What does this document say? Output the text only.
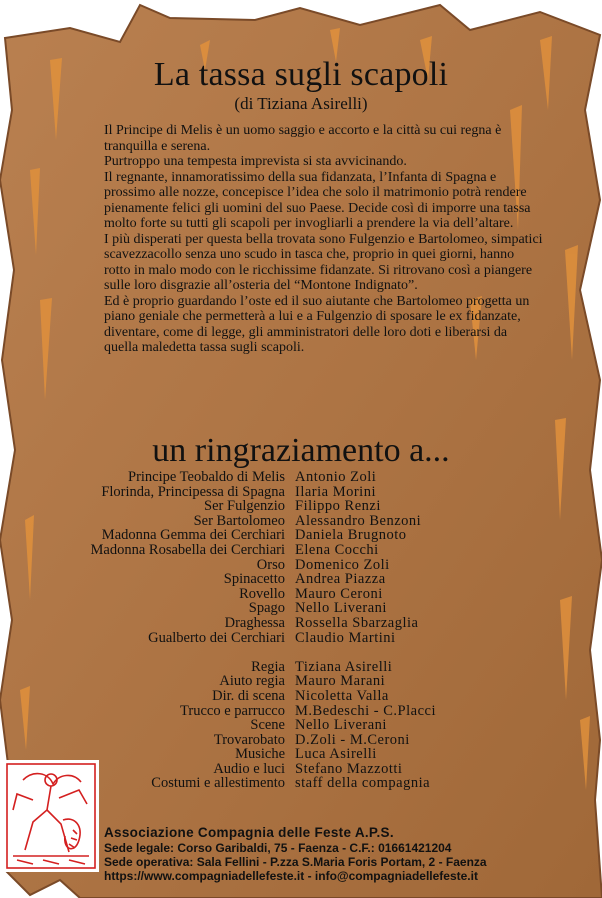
La tassa sugli scapoli
(di Tiziana Asirelli)

Il Principe di Melis è un uomo saggio e accorto e la città su cui regna è tranquilla e serena.

Purtroppo una tempesta imprevista si sta avvicinando.

Il regnante, innamoratissimo della sua fidanzata, l’Infanta di Spagna e prossimo alle nozze, concepisce l’idea che solo il matrimonio potrà rendere pienamente felici gli uomini del suo Paese. Decide così di imporre una tassa molto forte su tutti gli scapoli per invogliarli a prendere la via dell’altare.

I più disperati per questa bella trovata sono Fulgenzio e Bartolomeo, simpatici scavezzacollo senza uno scudo in tasca che, proprio in quei giorni, hanno rotto in malo modo con le ricchissime fidanzate. Si ritrovano così a piangere sulle loro disgrazie all’osteria del “Montone Indignato”.

Ed è proprio guardando l’oste ed il suo aiutante che Bartolomeo progetta un piano geniale che permetterà a lui e a Fulgenzio di sposare le ex fidanzate, diventare, come di legge, gli amministratori delle loro doti e liberarsi da quella maledetta tassa sugli scapoli.

un ringraziamento a...
Principe Teobaldo di Melis Antonio Zoli
Florinda, Principessa di Spagna Ilaria Morini
Ser Fulgenzio Filippo Renzi
Ser Bartolomeo Alessandro Benzoni
Madonna Gemma dei Cerchiari Daniela Brugnoto
Madonna Rosabella dei Cerchiari Elena Cocchi
Orso Domenico Zoli
Spinacetto Andrea Piazza
Rovello Mauro Ceroni
Spago Nello Liverani
Draghessa Rossella Sbarzaglia
Gualberto dei Cerchiari Claudio Martini
Regia Tiziana Asirelli
Aiuto regia Mauro Marani
Dir. di scena Nicoletta Valla
Trucco e parrucco M.Bedeschi - C.Placci
Scene Nello Liverani
Trovarobato D.Zoli - M.Ceroni
Musiche Luca Asirelli
Audio e luci Stefano Mazzotti
Costumi e allestimento staff della compagnia
Associazione Compagnia delle Feste A.P.S.
Sede legale: Corso Garibaldi, 75 - Faenza - C.F.: 01661421204
Sede operativa: Sala Fellini - P.zza S.Maria Foris Portam, 2 - Faenza
https://www.compagniadellefeste.it - info@compagniadellefeste.it
